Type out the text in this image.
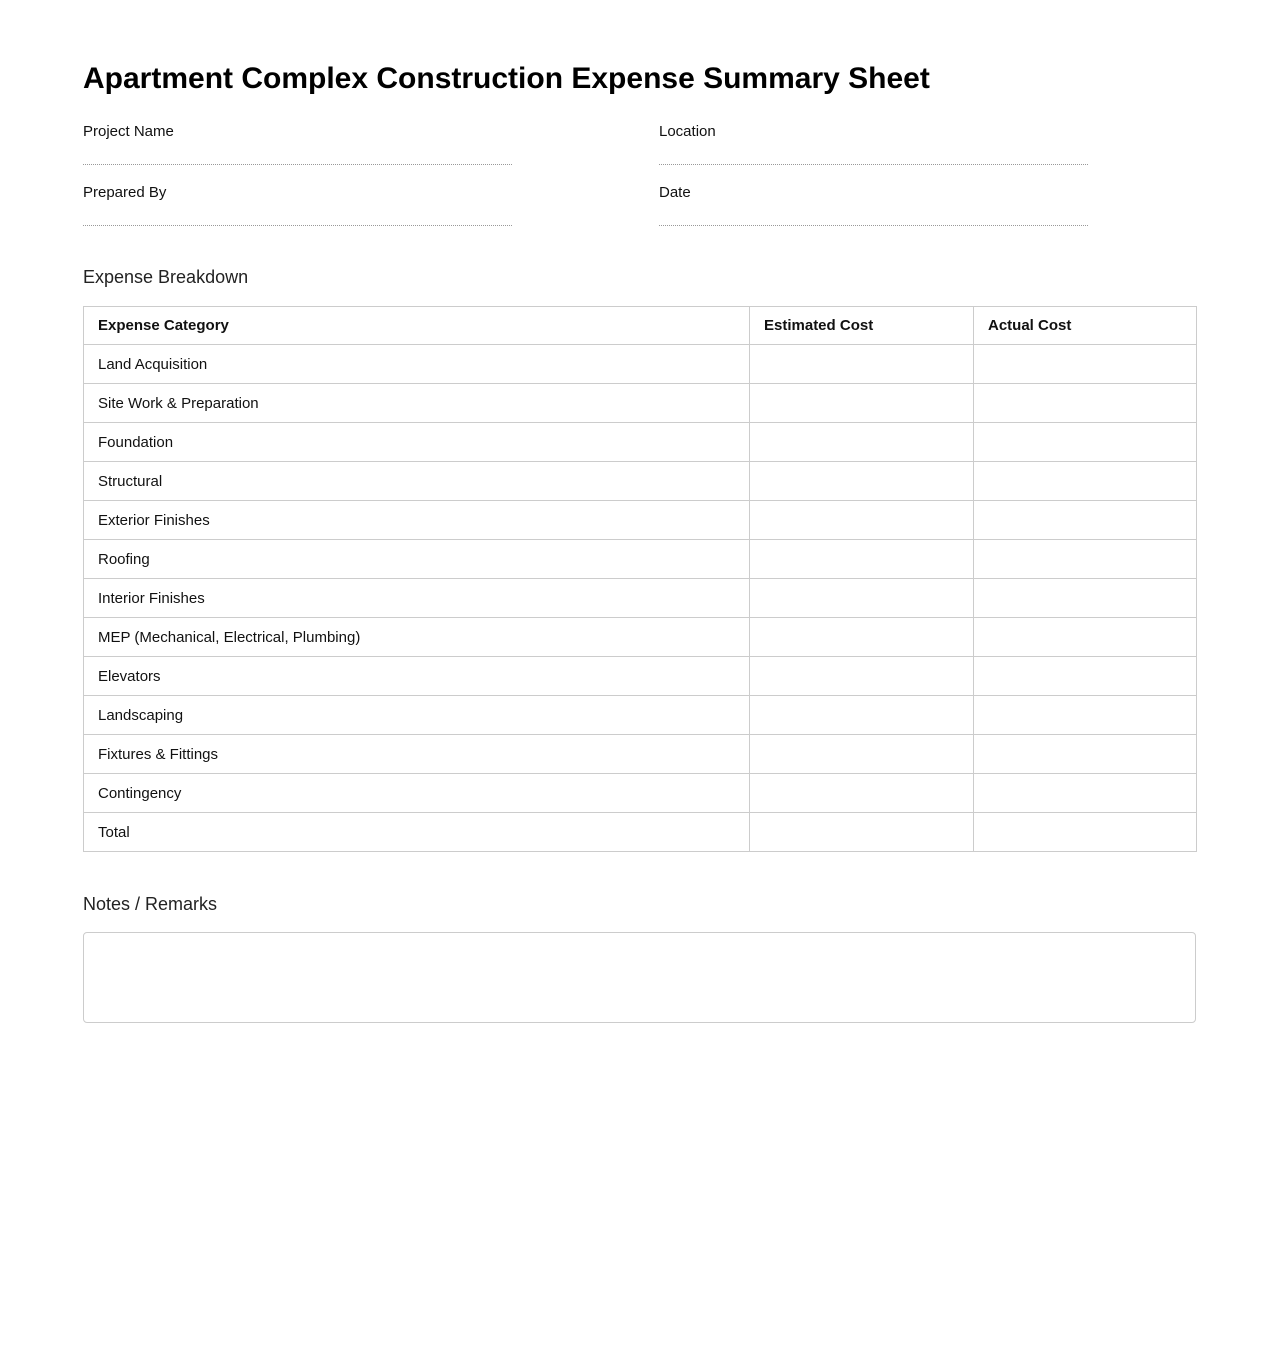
Apartment Complex Construction Expense Summary Sheet
Project Name	Location
Prepared By	Date
Expense Breakdown
Expense Category	Estimated Cost	Actual Cost
Land Acquisition		
Site Work & Preparation		
Foundation		
Structural		
Exterior Finishes		
Roofing		
Interior Finishes		
MEP (Mechanical, Electrical, Plumbing)		
Elevators		
Landscaping		
Fixtures & Fittings		
Contingency		
Total		
Notes / Remarks
